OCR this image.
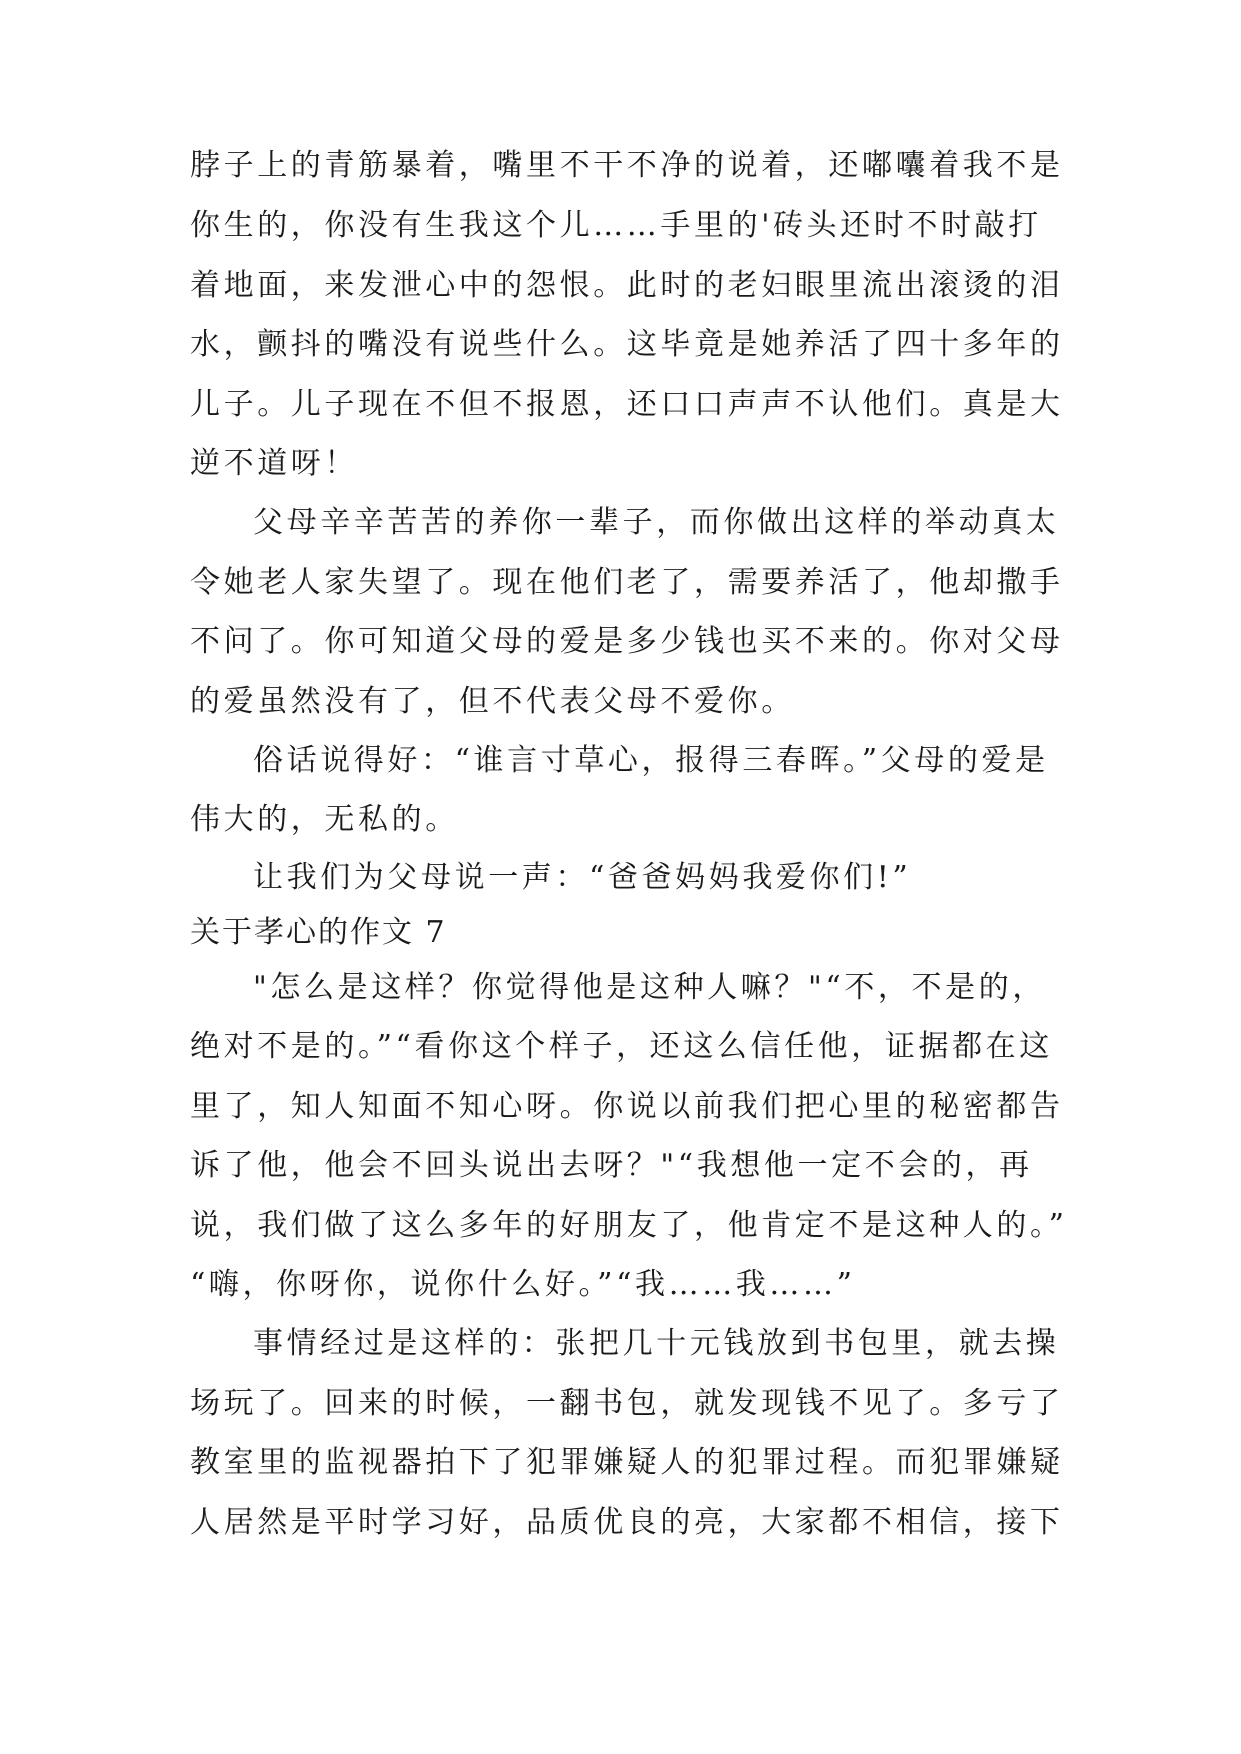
脖子上的青筋暴着，嘴里不干不净的说着，还嘟囔着我不是
你生的，你没有生我这个儿……手里的'砖头还时不时敲打
着地面，来发泄心中的怨恨。此时的老妇眼里流出滚烫的泪
水，颤抖的嘴没有说些什么。这毕竟是她养活了四十多年的
儿子。儿子现在不但不报恩，还口口声声不认他们。真是大
逆不道呀！
父母辛辛苦苦的养你一辈子，而你做出这样的举动真太
令她老人家失望了。现在他们老了，需要养活了，他却撒手
不问了。你可知道父母的爱是多少钱也买不来的。你对父母
的爱虽然没有了，但不代表父母不爱你。
俗话说得好：“谁言寸草心，报得三春晖。”父母的爱是
伟大的，无私的。
让我们为父母说一声：“爸爸妈妈我爱你们!”
关于孝心的作文 7
"怎么是这样？你觉得他是这种人嘛？"“不，不是的，
绝对不是的。”“看你这个样子，还这么信任他，证据都在这
里了，知人知面不知心呀。你说以前我们把心里的秘密都告
诉了他，他会不回头说出去呀？"“我想他一定不会的，再
说，我们做了这么多年的好朋友了，他肯定不是这种人的。”
“嗨，你呀你，说你什么好。”“我……我……”
事情经过是这样的：张把几十元钱放到书包里，就去操
场玩了。回来的时候，一翻书包，就发现钱不见了。多亏了
教室里的监视器拍下了犯罪嫌疑人的犯罪过程。而犯罪嫌疑
人居然是平时学习好，品质优良的亮，大家都不相信，接下
